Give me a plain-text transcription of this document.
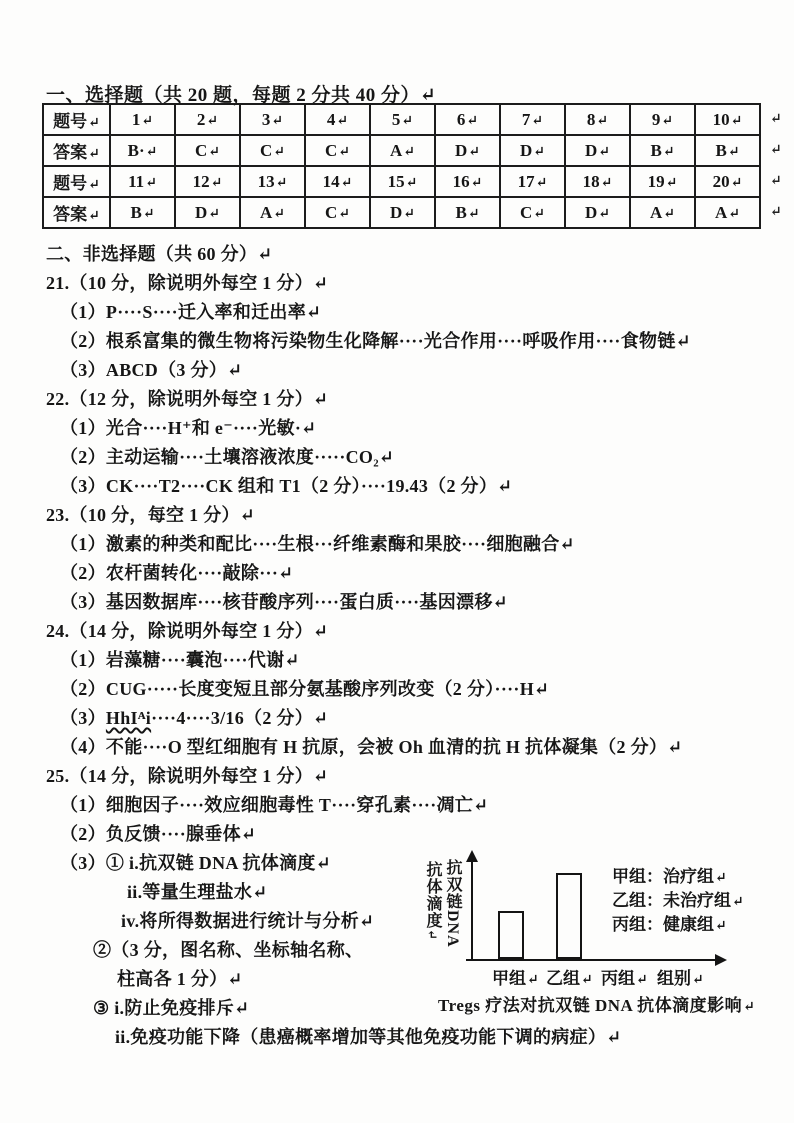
一、选择题（共 20 题，每题 2 分共 40 分）↵
题号↵	1↵	2↵	3↵	4↵	5↵	6↵	7↵	8↵	9↵	10↵
答案↵	B·↵	C↵	C↵	C↵	A↵	D↵	D↵	D↵	B↵	B↵
题号↵	11↵	12↵	13↵	14↵	15↵	16↵	17↵	18↵	19↵	20↵
答案↵	B↵	D↵	A↵	C↵	D↵	B↵	C↵	D↵	A↵	A↵
↵
↵
↵
↵
二、非选择题（共 60 分）↵
21.（10 分，除说明外每空 1 分）↵
（1）P····S····迁入率和迁出率↵
（2）根系富集的微生物将污染物生化降解····光合作用····呼吸作用····食物链↵
（3）ABCD（3 分）↵
22.（12 分，除说明外每空 1 分）↵
（1）光合····H⁺和 e⁻····光敏·↵
（2）主动运输····土壤溶液浓度·····CO₂↵
（3）CK····T2····CK 组和 T1（2 分）····19.43（2 分）↵
23.（10 分，每空 1 分）↵
（1）激素的种类和配比····生根···纤维素酶和果胶····细胞融合↵
（2）农杆菌转化····敲除···↵
（3）基因数据库····核苷酸序列····蛋白质····基因漂移↵
24.（14 分，除说明外每空 1 分）↵
（1）岩藻糖····囊泡····代谢↵
（2）CUG·····长度变短且部分氨基酸序列改变（2 分）····H↵
（3）HhIᴬi····4····3/16（2 分）↵
（4）不能····O 型红细胞有 H 抗原，会被 Oh 血清的抗 H 抗体凝集（2 分）↵
25.（14 分，除说明外每空 1 分）↵
（1）细胞因子····效应细胞毒性 T····穿孔素····凋亡↵
（2）负反馈····腺垂体↵
（3）① i.抗双链 DNA 抗体滴度↵
ii.等量生理盐水↵
iv.将所得数据进行统计与分析↵
②（3 分，图名称、坐标轴名称、
柱高各 1 分）↵
③ i.防止免疫排斥↵
ii.免疫功能下降（患癌概率增加等其他免疫功能下调的病症）↵
抗双链DNA
抗体滴度↵
组别↵
甲组：治疗组↵
乙组：未治疗组↵
丙组：健康组↵
Tregs 疗法对抗双链 DNA 抗体滴度影响↵
甲组↵ 乙组↵ 丙组↵
